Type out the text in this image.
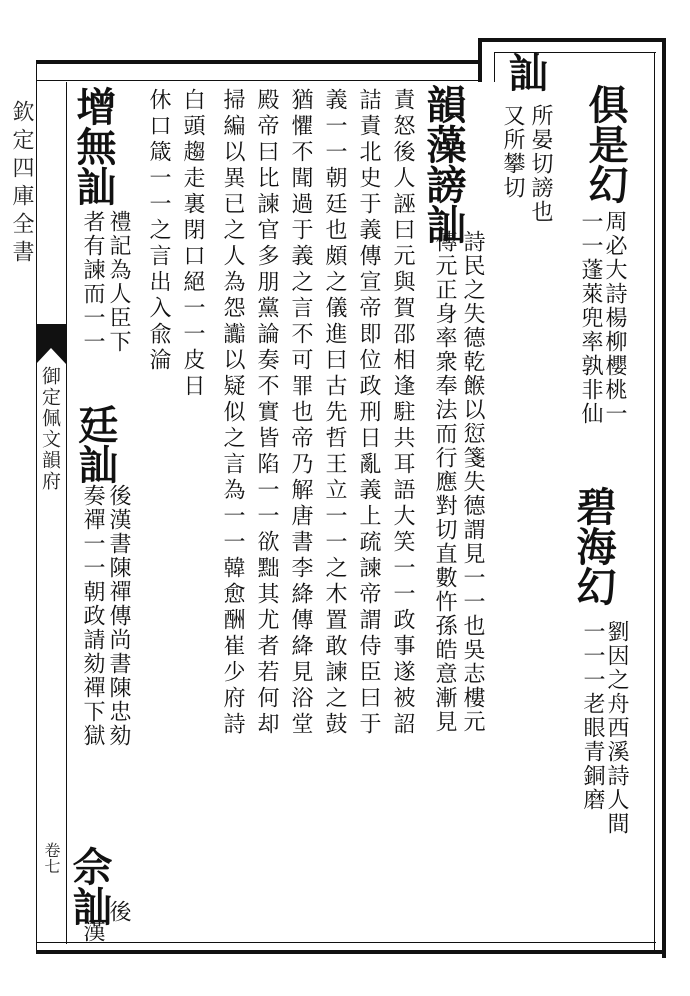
欽定四庫全書
御定佩文韻府
卷七
俱是幻
周必大詩楊柳櫻桃一
一一蓬萊兜率孰非仙
碧海幻
劉因之舟西溪詩人間
一一一老眼青銅磨
訕
所晏切謗也
又所攀切
韻藻謗訕
詩民之失德乾餱以愆箋失德謂見一一也吳志樓元
傳元正身率衆奉法而行應對切直數忤孫皓意漸見
責怒後人誣曰元與賀邵相逢駐共耳語大笑一一政事遂被詔
詰責北史于義傳宣帝即位政刑日亂義上疏諫帝謂侍臣曰于
義一一朝廷也頗之儀進曰古先哲王立一一之木置敢諫之鼓
猶懼不聞過于義之言不可罪也帝乃解唐書李絳傳絳見浴堂
殿帝曰比諫官多朋黨論奏不實皆陷一一欲黜其尤者若何却
掃編以異已之人為怨讟以疑似之言為一一韓愈酬崔少府詩
白頭趨走裏閉口絕一一皮日
休口箴一一之言出入兪淪
增無訕
禮記為人臣下
者有諫而一一
廷訕
後漢書陳禪傳尚書陳忠劾
奏禪一一朝政請劾禪下獄
佘訕
後
漢
